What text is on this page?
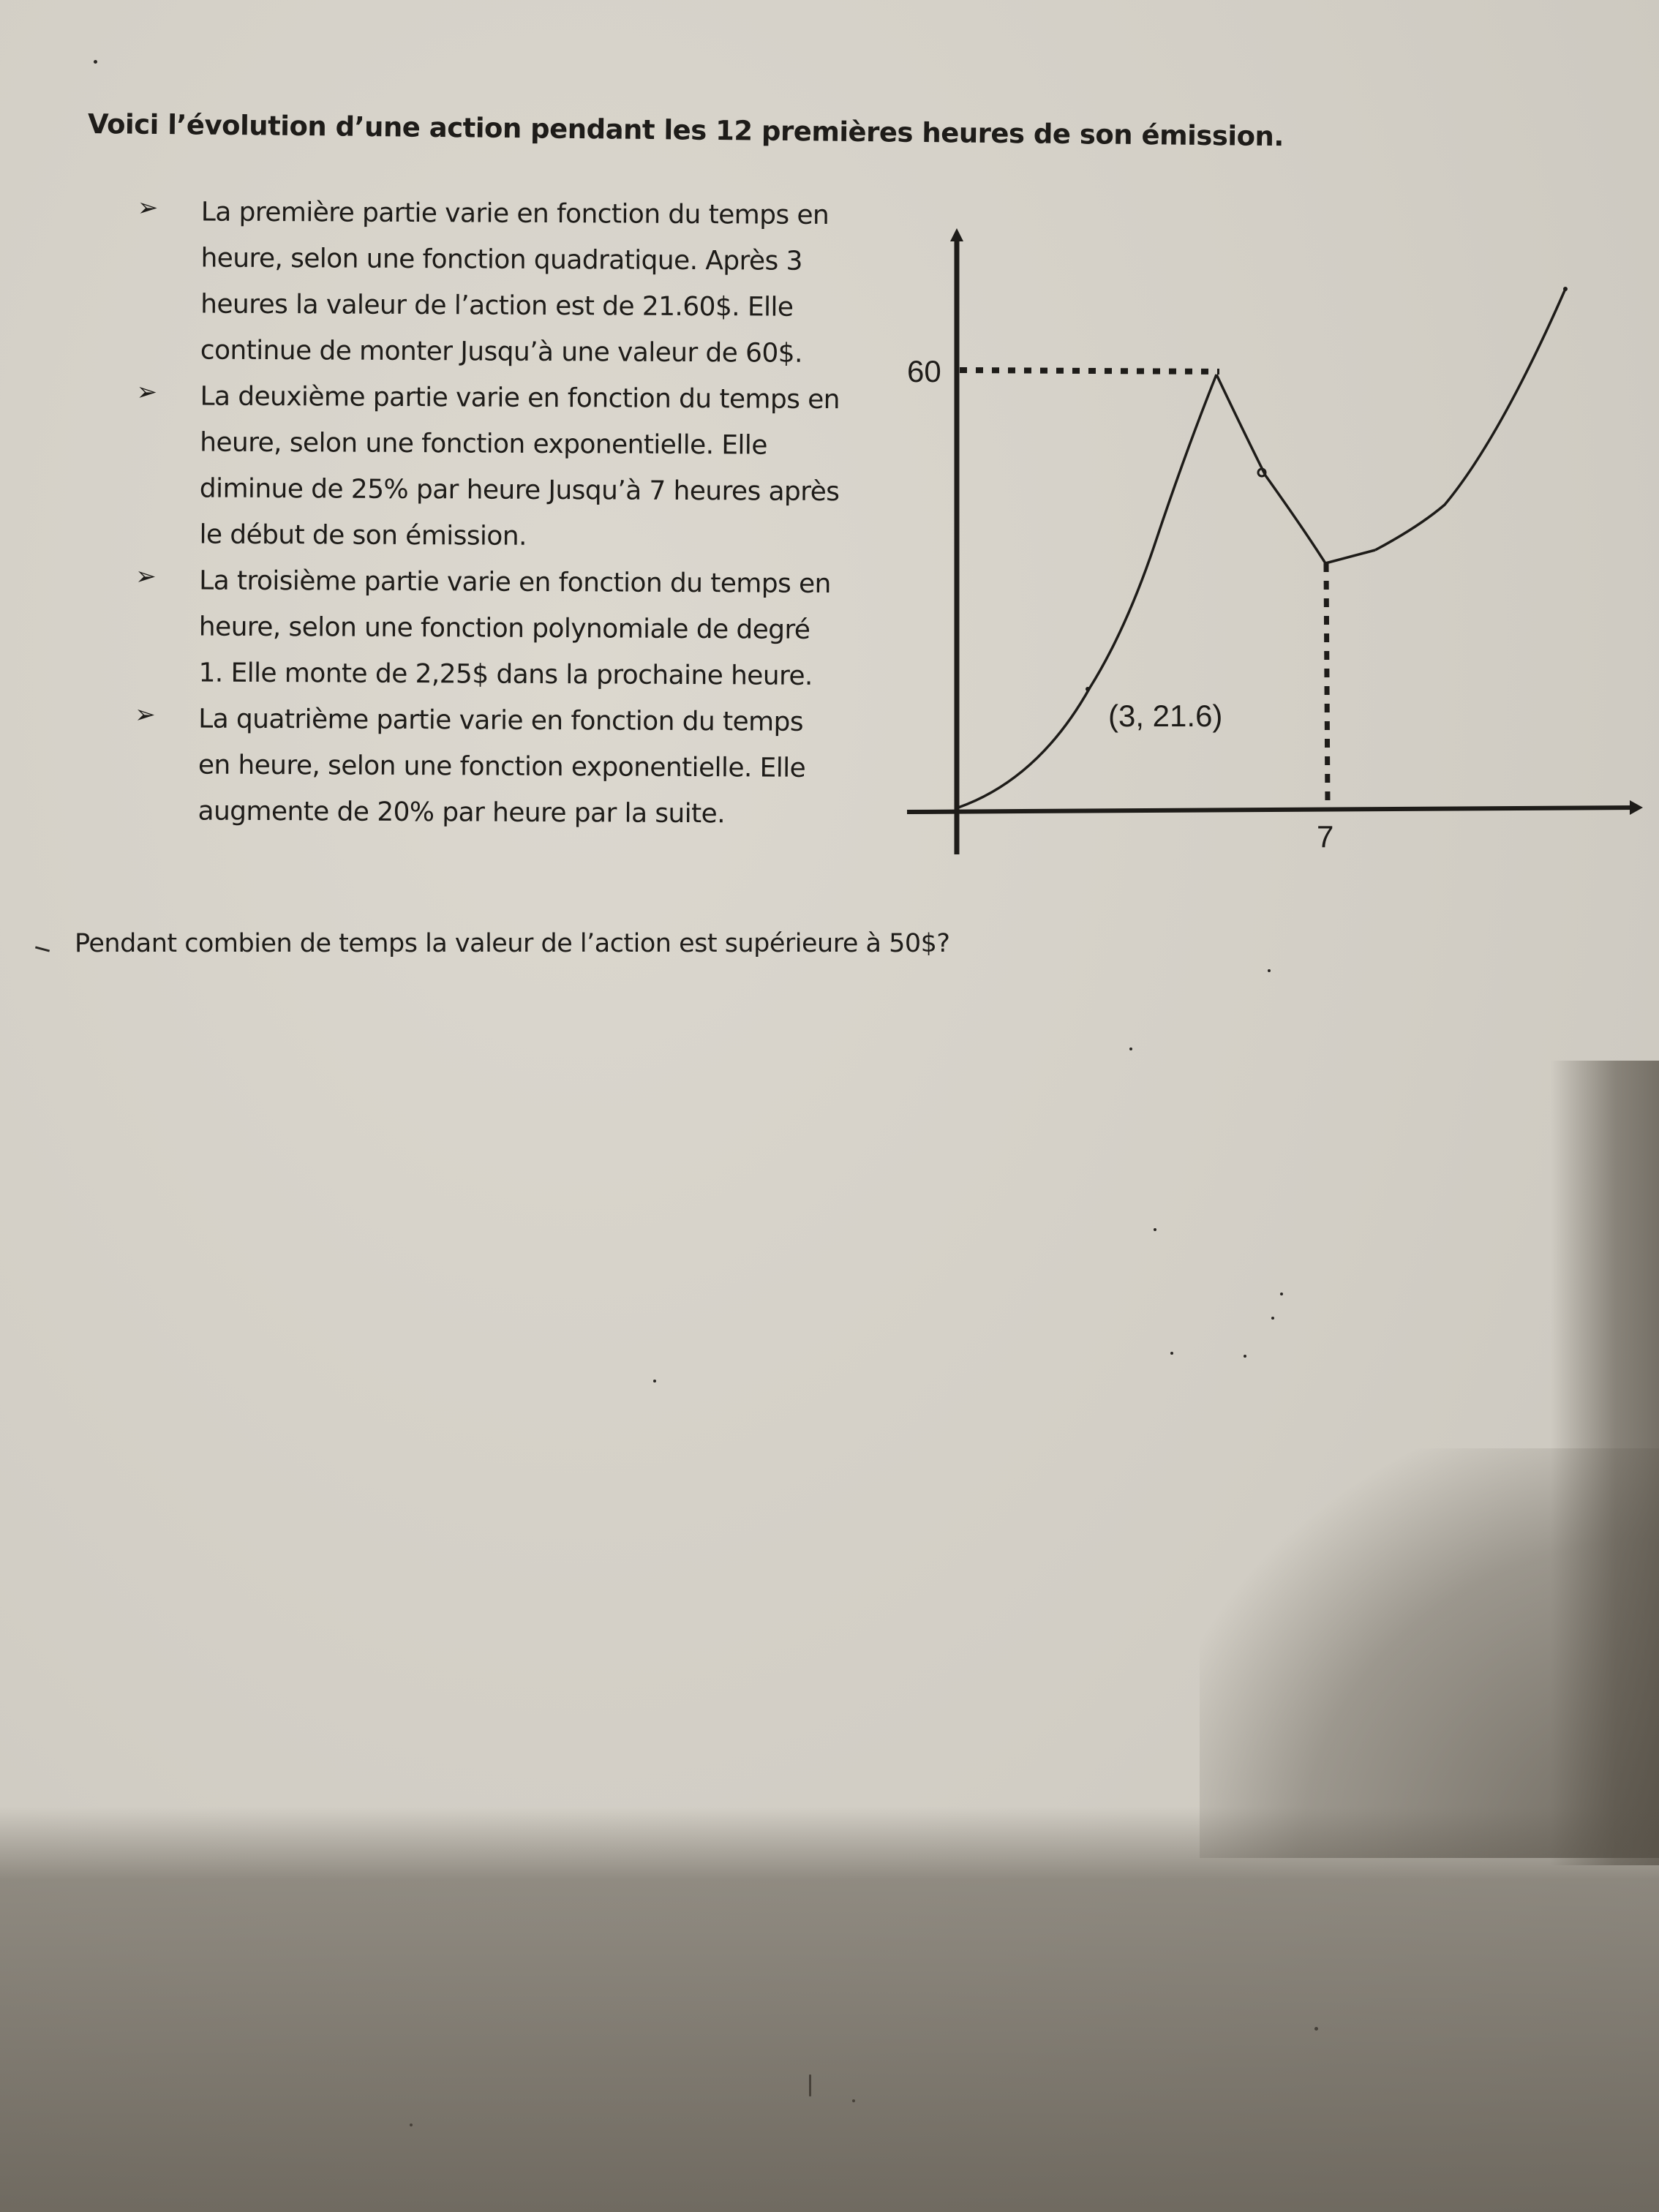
Voici l’évolution d’une action pendant les 12 premières heures de son émission.
➢ La première partie varie en fonction du temps en
heure, selon une fonction quadratique. Après 3
heures la valeur de l’action est de 21.60$. Elle
continue de monter Jusqu’à une valeur de 60$.
➢ La deuxième partie varie en fonction du temps en
heure, selon une fonction exponentielle. Elle
diminue de 25% par heure Jusqu’à 7 heures après
le début de son émission.
➢ La troisième partie varie en fonction du temps en
heure, selon une fonction polynomiale de degré
1. Elle monte de 2,25$ dans la prochaine heure.
➢ La quatrième partie varie en fonction du temps
en heure, selon une fonction exponentielle. Elle
augmente de 20% par heure par la suite.
60
7
(3, 21.6)
Pendant combien de temps la valeur de l’action est supérieure à 50$?
